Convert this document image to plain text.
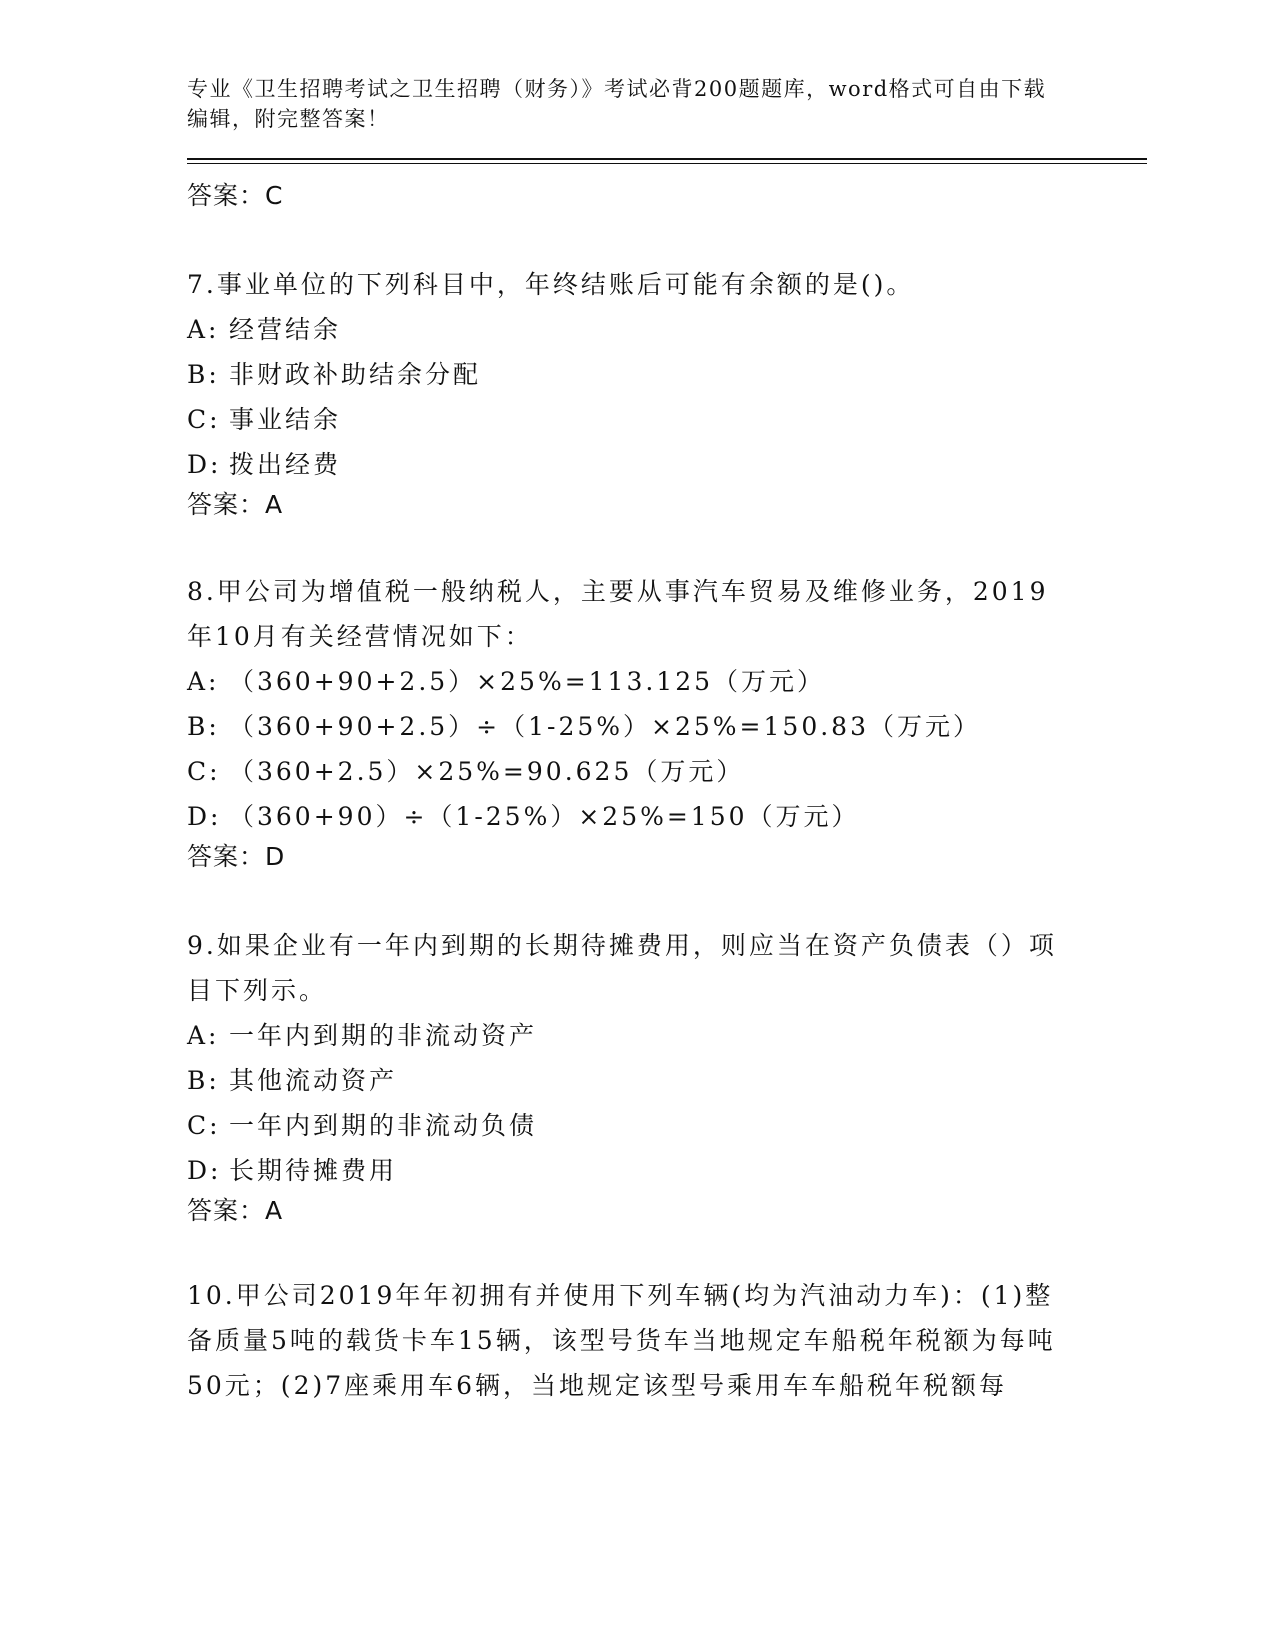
专业《卫生招聘考试之卫生招聘（财务）》考试必背200题题库，word格式可自由下载编辑，附完整答案！

答案：C
7.事业单位的下列科目中，年终结账后可能有余额的是()。
A: 经营结余
B: 非财政补助结余分配
C: 事业结余
D: 拨出经费
答案：A
8.甲公司为增值税一般纳税人，主要从事汽车贸易及维修业务，2019年10月有关经营情况如下：
A: （360+90+2.5）×25%=113.125（万元）
B: （360+90+2.5）÷（1-25%）×25%=150.83（万元）
C: （360+2.5）×25%=90.625（万元）
D: （360+90）÷（1-25%）×25%=150（万元）
答案：D
9.如果企业有一年内到期的长期待摊费用，则应当在资产负债表（）项目下列示。
A: 一年内到期的非流动资产
B: 其他流动资产
C: 一年内到期的非流动负债
D: 长期待摊费用
答案：A
10.甲公司2019年年初拥有并使用下列车辆(均为汽油动力车)：(1)整备质量5吨的载货卡车15辆，该型号货车当地规定车船税年税额为每吨50元；(2)7座乘用车6辆，当地规定该型号乘用车车船税年税额每
